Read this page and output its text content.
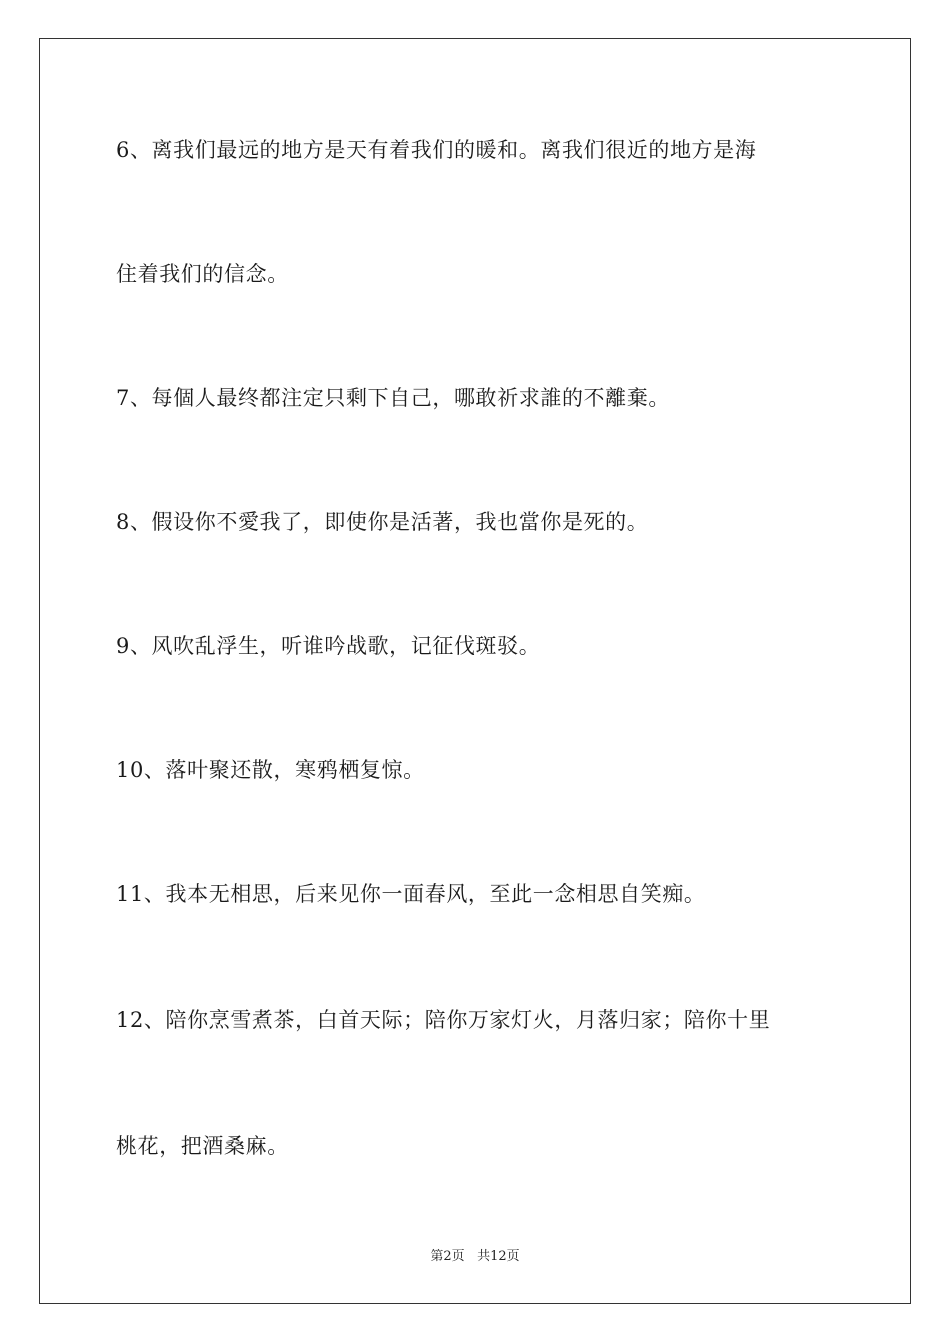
6、离我们最远的地方是天有着我们的暖和。离我们很近的地方是海
住着我们的信念。
7、每個人最终都注定只剩下自己，哪敢祈求誰的不離棄。
8、假设你不愛我了，即使你是活著，我也當你是死的。
9、风吹乱浮生，听谁吟战歌，记征伐斑驳。
10、落叶聚还散，寒鸦栖复惊。
11、我本无相思，后来见你一面春风，至此一念相思自笑痴。
12、陪你烹雪煮茶，白首天际；陪你万家灯火，月落归家；陪你十里
桃花，把酒桑麻。
第2页 共12页
